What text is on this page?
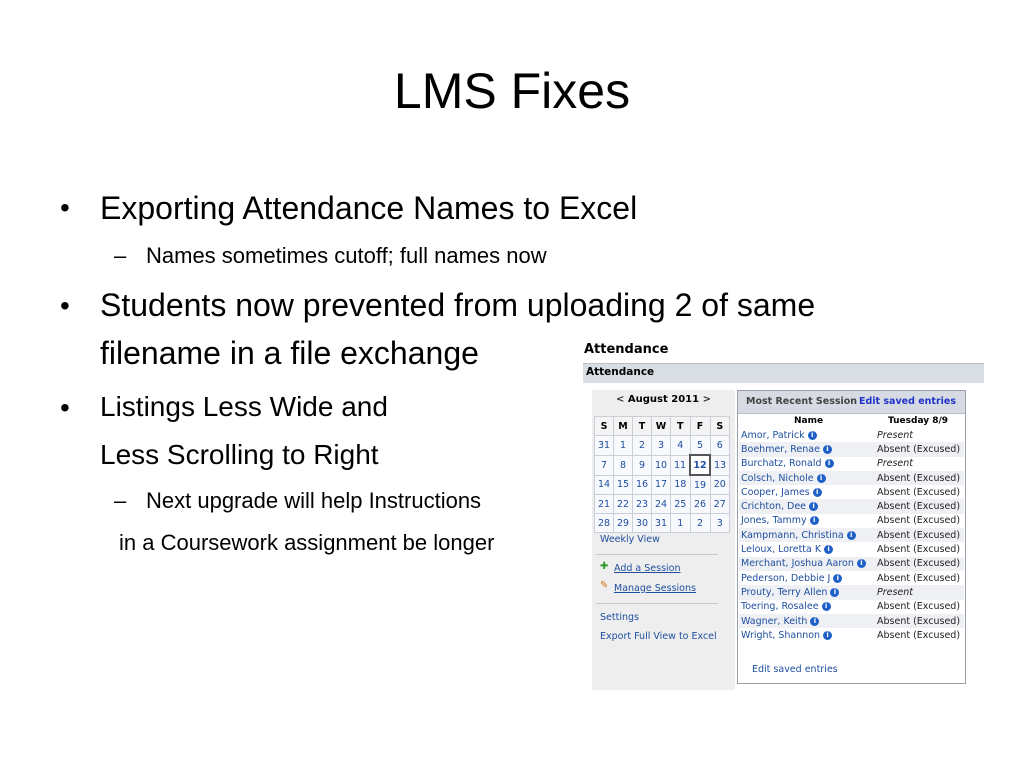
LMS Fixes
• Exporting Attendance Names to Excel
– Names sometimes cutoff; full names now
• Students now prevented from uploading 2 of same
filename in a file exchange
• Listings Less Wide and
Less Scrolling to Right
– Next upgrade will help Instructions
in a Coursework assignment be longer
Attendance
Attendance
< August 2011 >
S	M	T	W	T	F	S
31	1	2	3	4	5	6
7	8	9	10	11	12	13
14	15	16	17	18	19	20
21	22	23	24	25	26	27
28	29	30	31	1	2	3
Weekly View
✚ Add a Session
✎ Manage Sessions
Settings
Export Full View to Excel
Most Recent Session Edit saved entries
Name	Tuesday 8/9
Amor, Patrick i	Present
Boehmer, Renae i	Absent (Excused)
Burchatz, Ronald i	Present
Colsch, Nichole i	Absent (Excused)
Cooper, James i	Absent (Excused)
Crichton, Dee i	Absent (Excused)
Jones, Tammy i	Absent (Excused)
Kampmann, Christina i	Absent (Excused)
Leloux, Loretta K i	Absent (Excused)
Merchant, Joshua Aaron i	Absent (Excused)
Pederson, Debbie J i	Absent (Excused)
Prouty, Terry Allen i	Present
Toering, Rosalee i	Absent (Excused)
Wagner, Keith i	Absent (Excused)
Wright, Shannon i	Absent (Excused)
Edit saved entries
